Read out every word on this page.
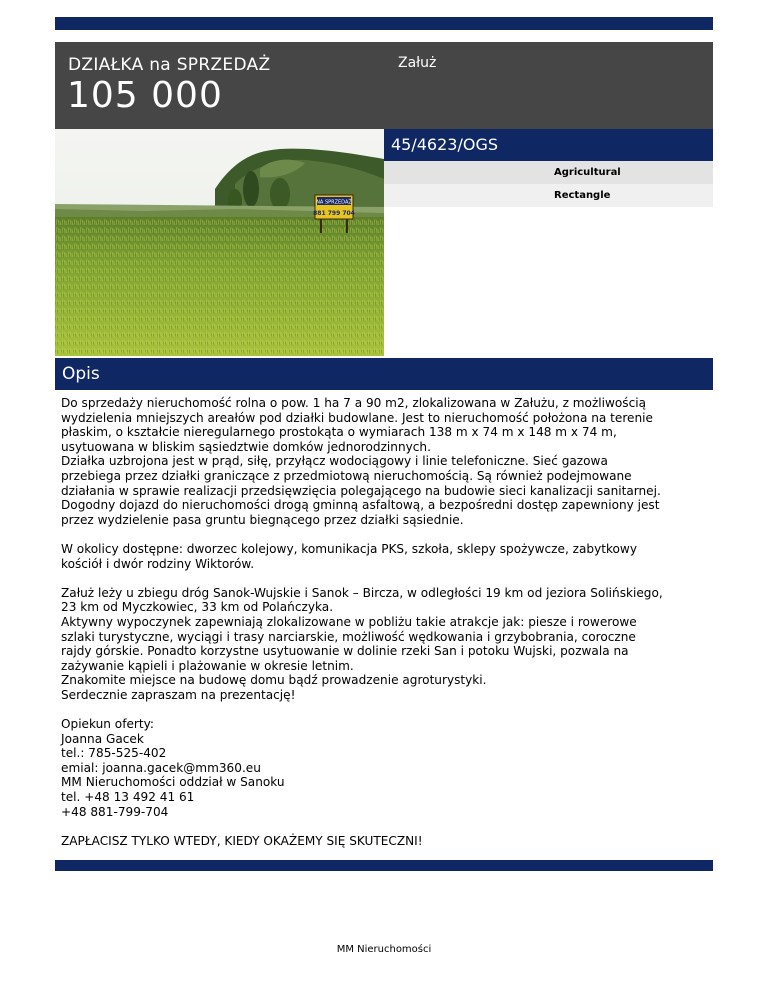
DZIAŁKA na SPRZEDAŻ
105 000
Załuż
NA SPRZEDAŻ
881 799 704
45/4623/OGS
Agricultural
Rectangle
Opis

Do sprzedaży nieruchomość rolna o pow. 1 ha 7 a 90 m2, zlokalizowana w Załużu, z możliwością
wydzielenia mniejszych areałów pod działki budowlane. Jest to nieruchomość położona na terenie
płaskim, o kształcie nieregularnego prostokąta o wymiarach 138 m x 74 m x 148 m x 74 m,
usytuowana w bliskim sąsiedztwie domków jednorodzinnych.
Działka uzbrojona jest w prąd, siłę, przyłącz wodociągowy i linie telefoniczne. Sieć gazowa
przebiega przez działki graniczące z przedmiotową nieruchomością. Są również podejmowane
działania w sprawie realizacji przedsięwzięcia polegającego na budowie sieci kanalizacji sanitarnej.
Dogodny dojazd do nieruchomości drogą gminną asfaltową, a bezpośredni dostęp zapewniony jest
przez wydzielenie pasa gruntu biegnącego przez działki sąsiednie.

W okolicy dostępne: dworzec kolejowy, komunikacja PKS, szkoła, sklepy spożywcze, zabytkowy
kościół i dwór rodziny Wiktorów.

Załuż leży u zbiegu dróg Sanok-Wujskie i Sanok – Bircza, w odległości 19 km od jeziora Solińskiego,
23 km od Myczkowiec, 33 km od Polańczyka.
Aktywny wypoczynek zapewniają zlokalizowane w pobliżu takie atrakcje jak: piesze i rowerowe
szlaki turystyczne, wyciągi i trasy narciarskie, możliwość wędkowania i grzybobrania, coroczne
rajdy górskie. Ponadto korzystne usytuowanie w dolinie rzeki San i potoku Wujski, pozwala na
zażywanie kąpieli i plażowanie w okresie letnim.
Znakomite miejsce na budowę domu bądź prowadzenie agroturystyki.
Serdecznie zapraszam na prezentację!

Opiekun oferty:
Joanna Gacek
tel.: 785-525-402
emial: joanna.gacek@mm360.eu
MM Nieruchomości oddział w Sanoku
tel. +48 13 492 41 61
+48 881-799-704

ZAPŁACISZ TYLKO WTEDY, KIEDY OKAŻEMY SIĘ SKUTECZNI!

MM Nieruchomości
